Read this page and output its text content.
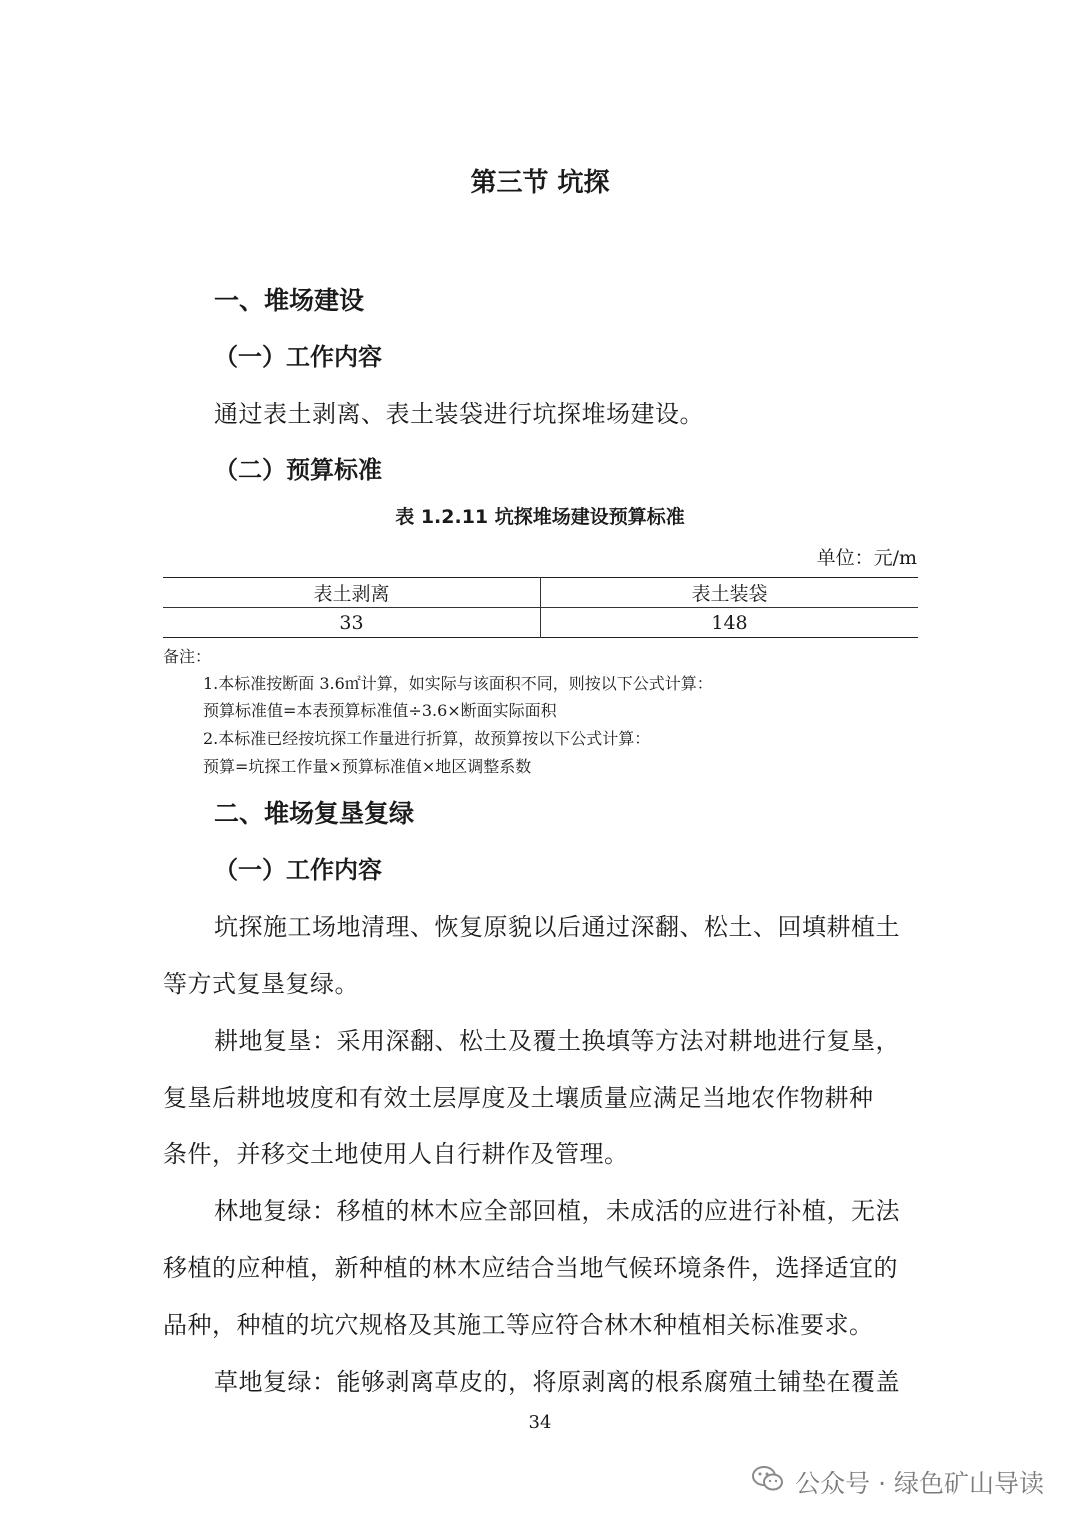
第三节 坑探
一、堆场建设
（一）工作内容
通过表土剥离、表土装袋进行坑探堆场建设。
（二）预算标准
表 1.2.11 坑探堆场建设预算标准
单位：元/m
表土剥离	表土装袋
33	148
备注：
1.本标准按断面 3.6㎡计算，如实际与该面积不同，则按以下公式计算：
预算标准值=本表预算标准值÷3.6×断面实际面积
2.本标准已经按坑探工作量进行折算，故预算按以下公式计算：
预算=坑探工作量×预算标准值×地区调整系数
二、堆场复垦复绿
（一）工作内容
坑探施工场地清理、恢复原貌以后通过深翻、松土、回填耕植土
等方式复垦复绿。
耕地复垦：采用深翻、松土及覆土换填等方法对耕地进行复垦，
复垦后耕地坡度和有效土层厚度及土壤质量应满足当地农作物耕种
条件，并移交土地使用人自行耕作及管理。
林地复绿：移植的林木应全部回植，未成活的应进行补植，无法
移植的应种植，新种植的林木应结合当地气候环境条件，选择适宜的
品种，种植的坑穴规格及其施工等应符合林木种植相关标准要求。
草地复绿：能够剥离草皮的，将原剥离的根系腐殖土铺垫在覆盖
34
公众号 · 绿色矿山导读
